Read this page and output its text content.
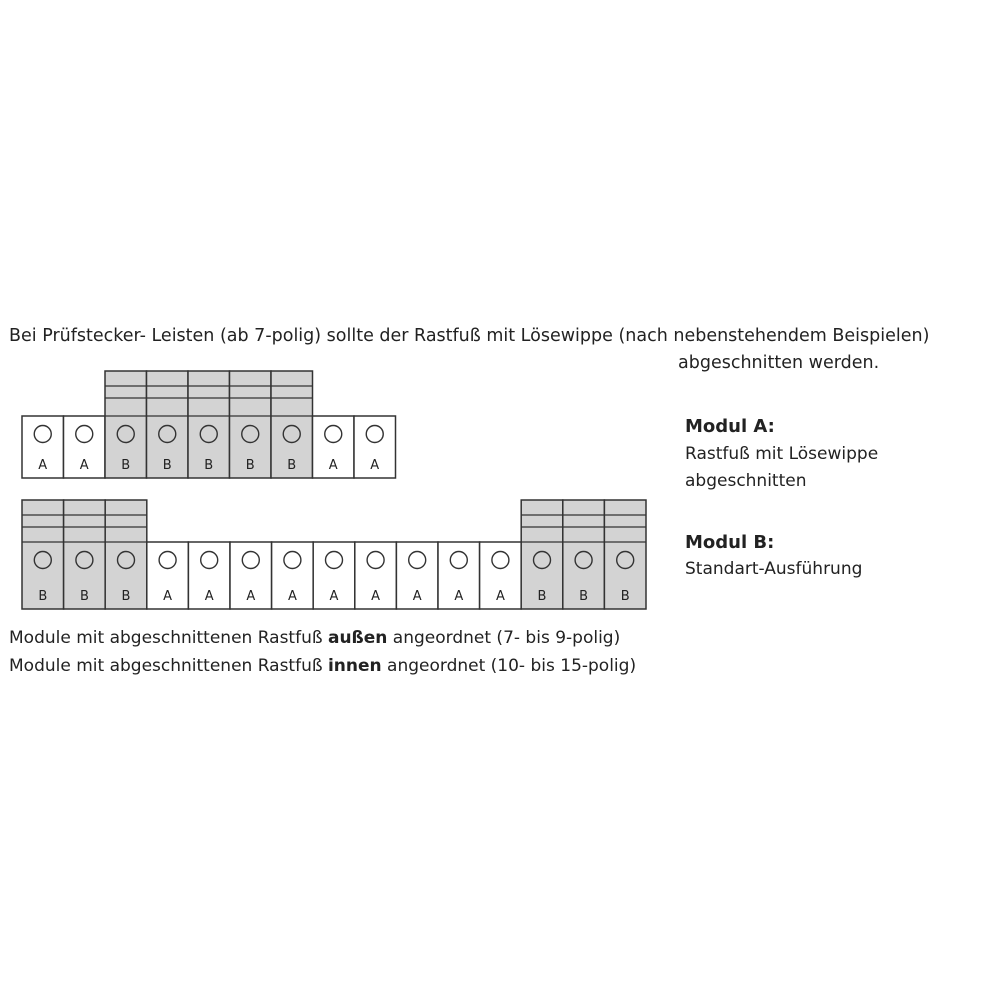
Bei Prüfstecker- Leisten (ab 7-polig) sollte der Rastfuß mit Lösewippe (nach nebenstehendem Beispielen)
abgeschnitten werden.
Modul A:
Rastfuß mit Lösewippe
abgeschnitten
Modul B:
Standart-Ausführung
Module mit abgeschnittenen Rastfuß außen angeordnet (7- bis 9-polig)
Module mit abgeschnittenen Rastfuß innen angeordnet (10- bis 15-polig)
A	A	B	B	B	B	B	A	A
B	B	B	A	A	A	A	A	A	A	A	A	B	B	B
